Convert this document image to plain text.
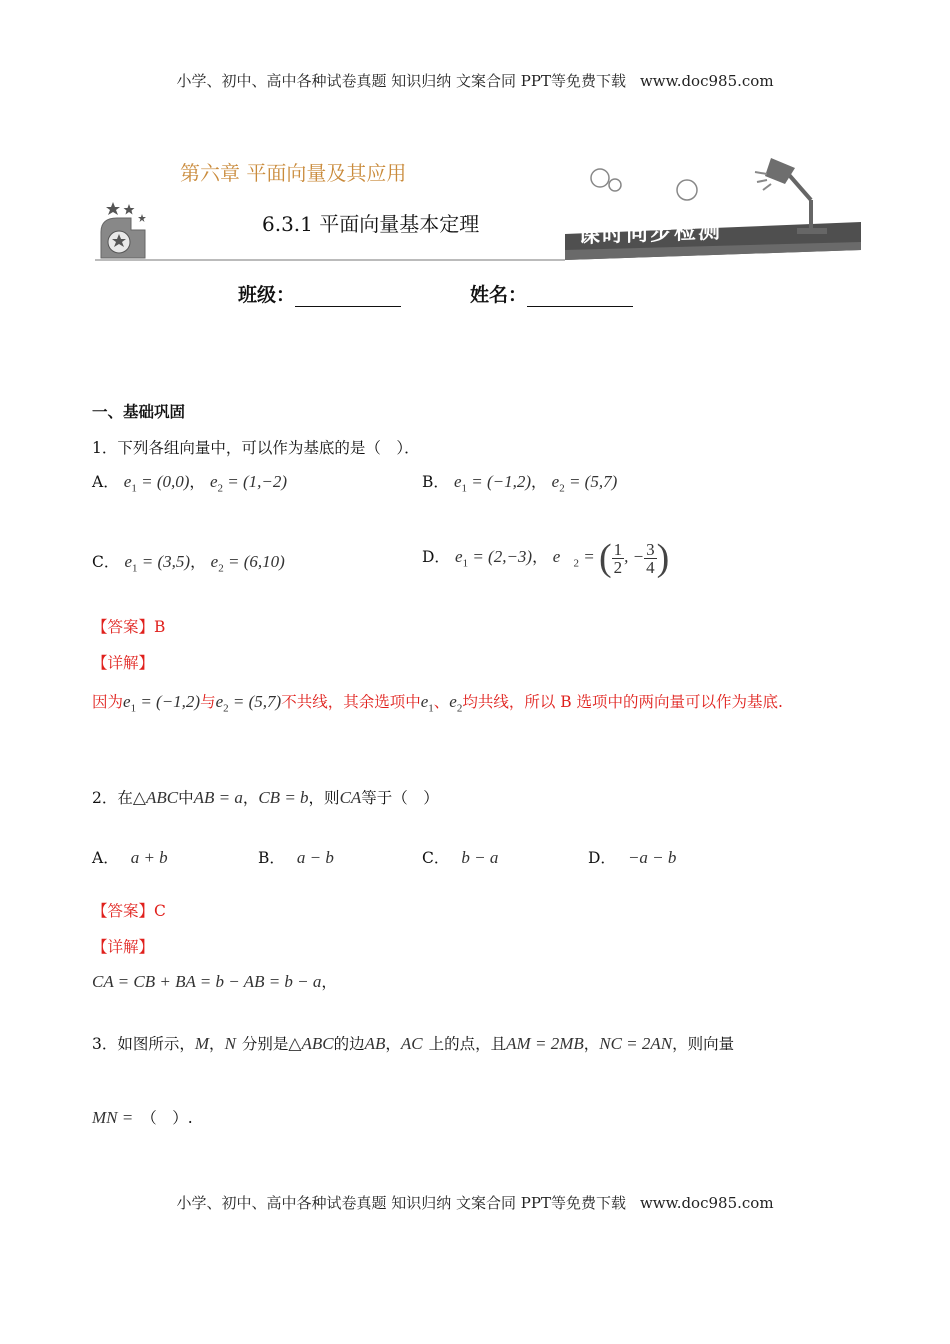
小学、初中、高中各种试卷真题 知识归纳 文案合同 PPT等免费下载 www.doc985.com
第六章 平面向量及其应用
6.3.1 平面向量基本定理	课时同步检测
班级：	姓名：
一、基础巩固
1．下列各组向量中，可以作为基底的是（　）．
A． $e_1 = (0,0)$， $e_2 = (1,-2)$	B． $e_1 = (-1,2)$， $e_2 = (5,7)$
C． $e_1 = (3,5)$， $e_2 = (6,10)$	D． $e_1 = (2,-3)$， $e⃗_2$ = ( $\frac{1}{2}$ , − $\frac{3}{4}$ )
【答案】B
【详解】
因为$e_1 = (-1,2)$与$e_2 = (5,7)$不共线，其余选项中$e_1$、$e_2$均共线，所以 B 选项中的两向量可以作为基底.
2．在△ABC中AB = a，CB = b，则CA等于（　）
A． a + b	B． a − b	C． b − a	D． −a − b
【答案】C
【详解】
CA = CB + BA = b − AB = b − a，
3．如图所示，M，N 分别是△ABC的边AB，AC 上的点，且AM = 2MB，NC = 2AN，则向量
MN = （　）.
小学、初中、高中各种试卷真题 知识归纳 文案合同 PPT等免费下载 www.doc985.com
